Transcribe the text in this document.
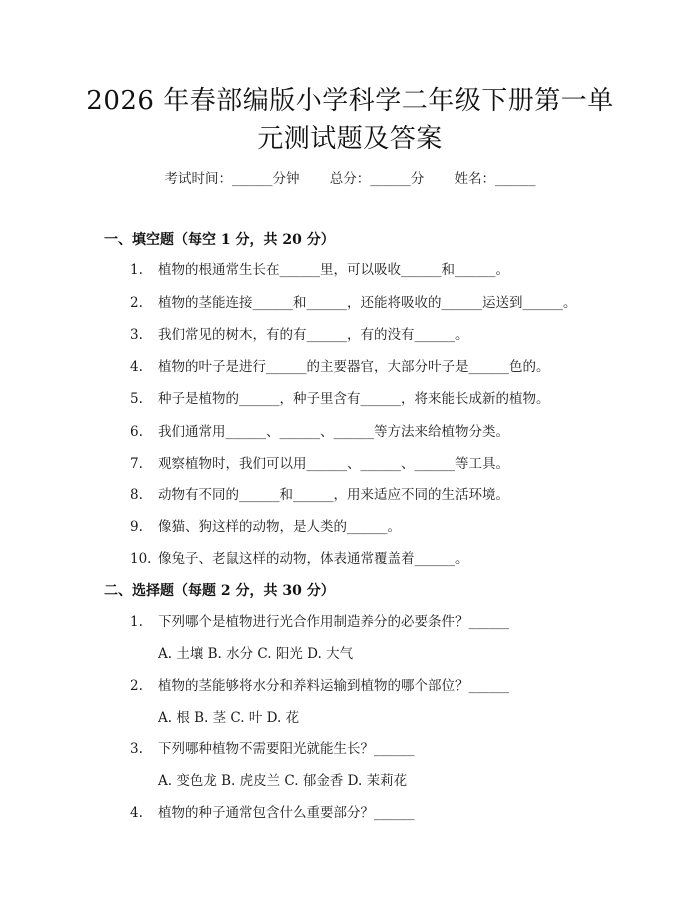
2026 年春部编版小学科学二年级下册第一单
元测试题及答案
考试时间：______分钟 总分：______分 姓名：______
一、填空题（每空 1 分，共 20 分）
1. 植物的根通常生长在______里，可以吸收______和______。
2. 植物的茎能连接______和______，还能将吸收的______运送到______。
3. 我们常见的树木，有的有______，有的没有______。
4. 植物的叶子是进行______的主要器官，大部分叶子是______色的。
5. 种子是植物的______，种子里含有______，将来能长成新的植物。
6. 我们通常用______、______、______等方法来给植物分类。
7. 观察植物时，我们可以用______、______、______等工具。
8. 动物有不同的______和______，用来适应不同的生活环境。
9. 像猫、狗这样的动物，是人类的______。
10. 像兔子、老鼠这样的动物，体表通常覆盖着______。
二、选择题（每题 2 分，共 30 分）
1. 下列哪个是植物进行光合作用制造养分的必要条件？______
A. 土壤 B. 水分 C. 阳光 D. 大气
2. 植物的茎能够将水分和养料运输到植物的哪个部位？______
A. 根 B. 茎 C. 叶 D. 花
3. 下列哪种植物不需要阳光就能生长？______
A. 变色龙 B. 虎皮兰 C. 郁金香 D. 茉莉花
4. 植物的种子通常包含什么重要部分？______
